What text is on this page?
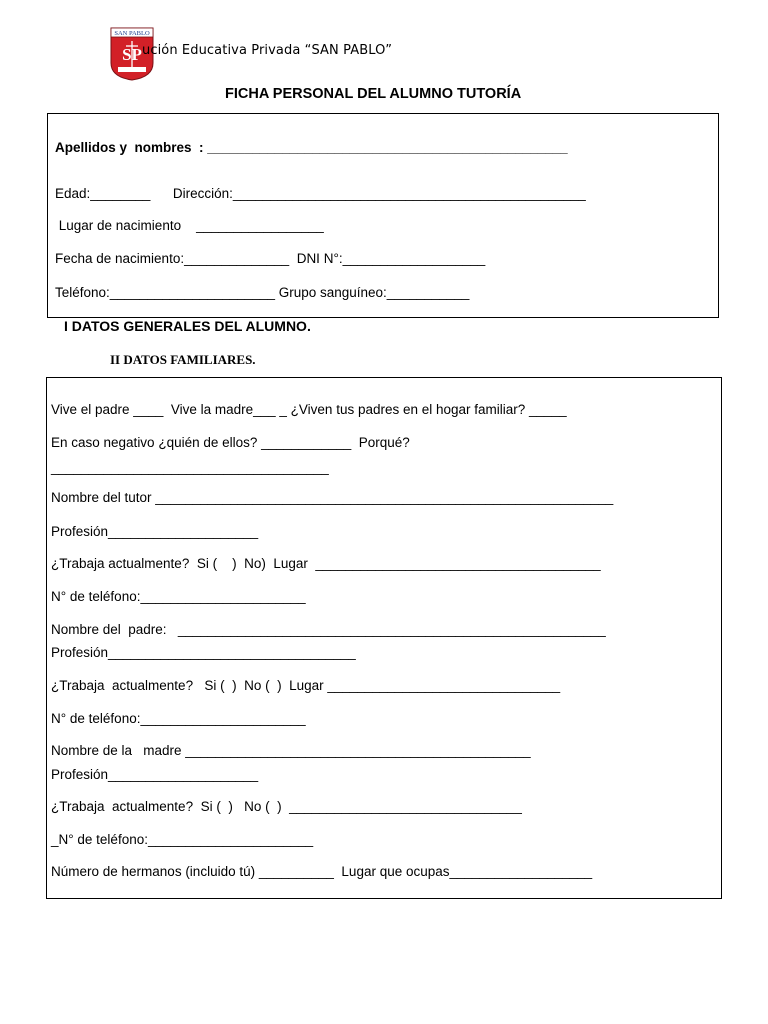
SAN PABLO
SP ución Educativa Privada “SAN PABLO”
FICHA PERSONAL DEL ALUMNO TUTORÍA
Apellidos y  nombres  : ________________________________________________
Edad:________      Dirección:_______________________________________________
Lugar de nacimiento    _________________
Fecha de nacimiento:______________  DNI N°:___________________
Teléfono:______________________ Grupo sanguíneo:___________
I DATOS GENERALES DEL ALUMNO.
II DATOS FAMILIARES.
Vive el padre ____  Vive la madre___ _ ¿Viven tus padres en el hogar familiar? _____
En caso negativo ¿quién de ellos? ____________  Porqué?
_____________________________________
Nombre del tutor _____________________________________________________________
Profesión____________________
¿Trabaja actualmente?  Si (    )  No)  Lugar  ______________________________________
N° de teléfono:______________________
Nombre del  padre:   _________________________________________________________
Profesión_________________________________
¿Trabaja  actualmente?   Si (  )  No (  )  Lugar _______________________________
N° de teléfono:______________________
Nombre de la   madre ______________________________________________
Profesión____________________
¿Trabaja  actualmente?  Si (  )   No (  )  _______________________________
_N° de teléfono:______________________
Número de hermanos (incluido tú) __________  Lugar que ocupas___________________
